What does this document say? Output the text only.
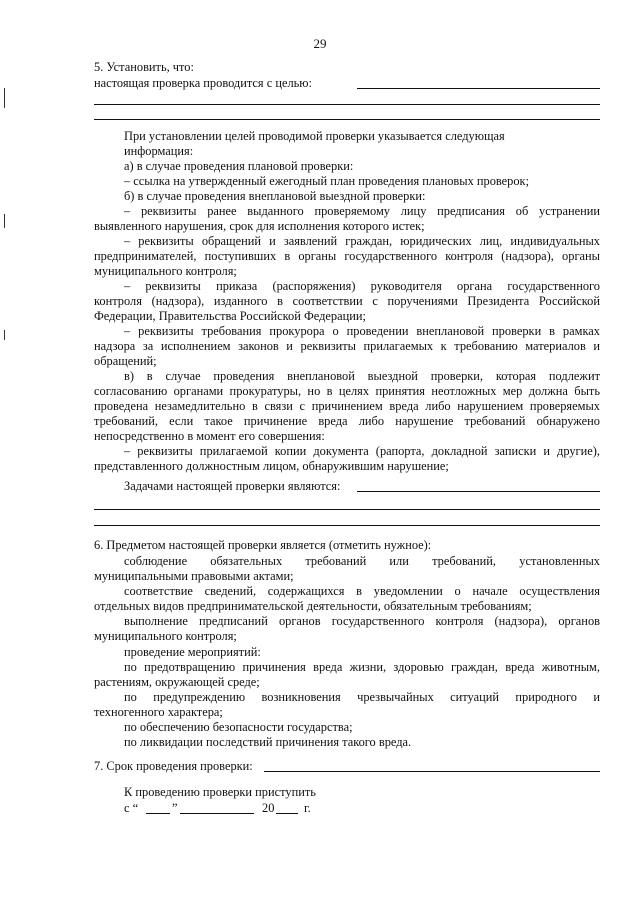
29
5. Установить, что:
настоящая проверка проводится с целью:
При установлении целей проводимой проверки указывается следующая
информация:
а) в случае проведения плановой проверки:
– ссылка на утвержденный ежегодный план проведения плановых проверок;
б) в случае проведения внеплановой выездной проверки:
– реквизиты ранее выданного проверяемому лицу предписания об устранении
выявленного нарушения, срок для исполнения которого истек;
– реквизиты обращений и заявлений граждан, юридических лиц, индивидуальных
предпринимателей, поступивших в органы государственного контроля (надзора), органы
муниципального контроля;
– реквизиты приказа (распоряжения) руководителя органа государственного
контроля (надзора), изданного в соответствии с поручениями Президента Российской
Федерации, Правительства Российской Федерации;
– реквизиты требования прокурора о проведении внеплановой проверки в рамках
надзора за исполнением законов и реквизиты прилагаемых к требованию материалов и
обращений;
в) в случае проведения внеплановой выездной проверки, которая подлежит
согласованию органами прокуратуры, но в целях принятия неотложных мер должна быть
проведена незамедлительно в связи с причинением вреда либо нарушением проверяемых
требований, если такое причинение вреда либо нарушение требований обнаружено
непосредственно в момент его совершения:
– реквизиты прилагаемой копии документа (рапорта, докладной записки и другие),
представленного должностным лицом, обнаружившим нарушение;
Задачами настоящей проверки являются:
6. Предметом настоящей проверки является (отметить нужное):
соблюдение обязательных требований или требований, установленных
муниципальными правовыми актами;
соответствие сведений, содержащихся в уведомлении о начале осуществления
отдельных видов предпринимательской деятельности, обязательным требованиям;
выполнение предписаний органов государственного контроля (надзора), органов
муниципального контроля;
проведение мероприятий:
по предотвращению причинения вреда жизни, здоровью граждан, вреда животным,
растениям, окружающей среде;
по предупреждению возникновения чрезвычайных ситуаций природного и
техногенного характера;
по обеспечению безопасности государства;
по ликвидации последствий причинения такого вреда.
7. Срок проведения проверки:
К проведению проверки приступить
с “	”	20 г.
